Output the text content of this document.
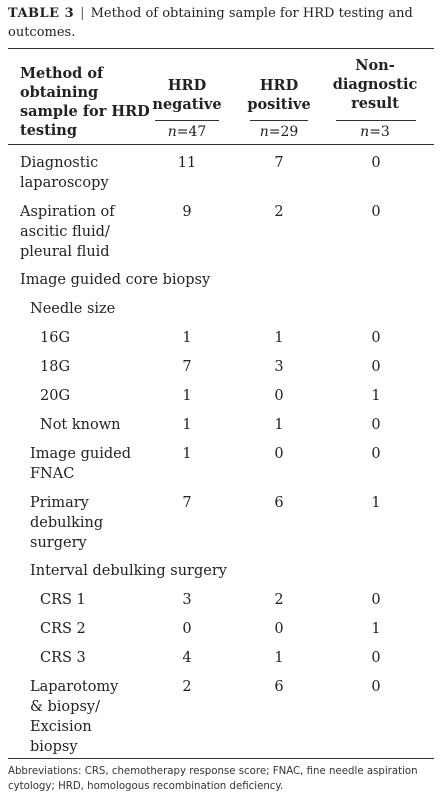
TABLE 3 | Method of obtaining sample for HRD testing and outcomes.
Method of obtaining sample for HRD testing
HRD negative
HRD positive
Non-diagnostic result
n=47	n=29	n=3
Diagnostic laparoscopy
11	7	0
Aspiration of ascitic fluid/ pleural fluid
9	2	0
Image guided core biopsy
Needle size
16G	1	1	0
18G	7	3	0
20G	1	0	1
Not known	1	1	0
Image guided FNAC
1	0	0
Primary debulking surgery
7	6	1
Interval debulking surgery
CRS 1	3	2	0
CRS 2	0	0	1
CRS 3	4	1	0
Laparotomy & biopsy/ Excision biopsy
2	6	0
Abbreviations: CRS, chemotherapy response score; FNAC, fine needle aspiration cytology; HRD, homologous recombination deficiency.
